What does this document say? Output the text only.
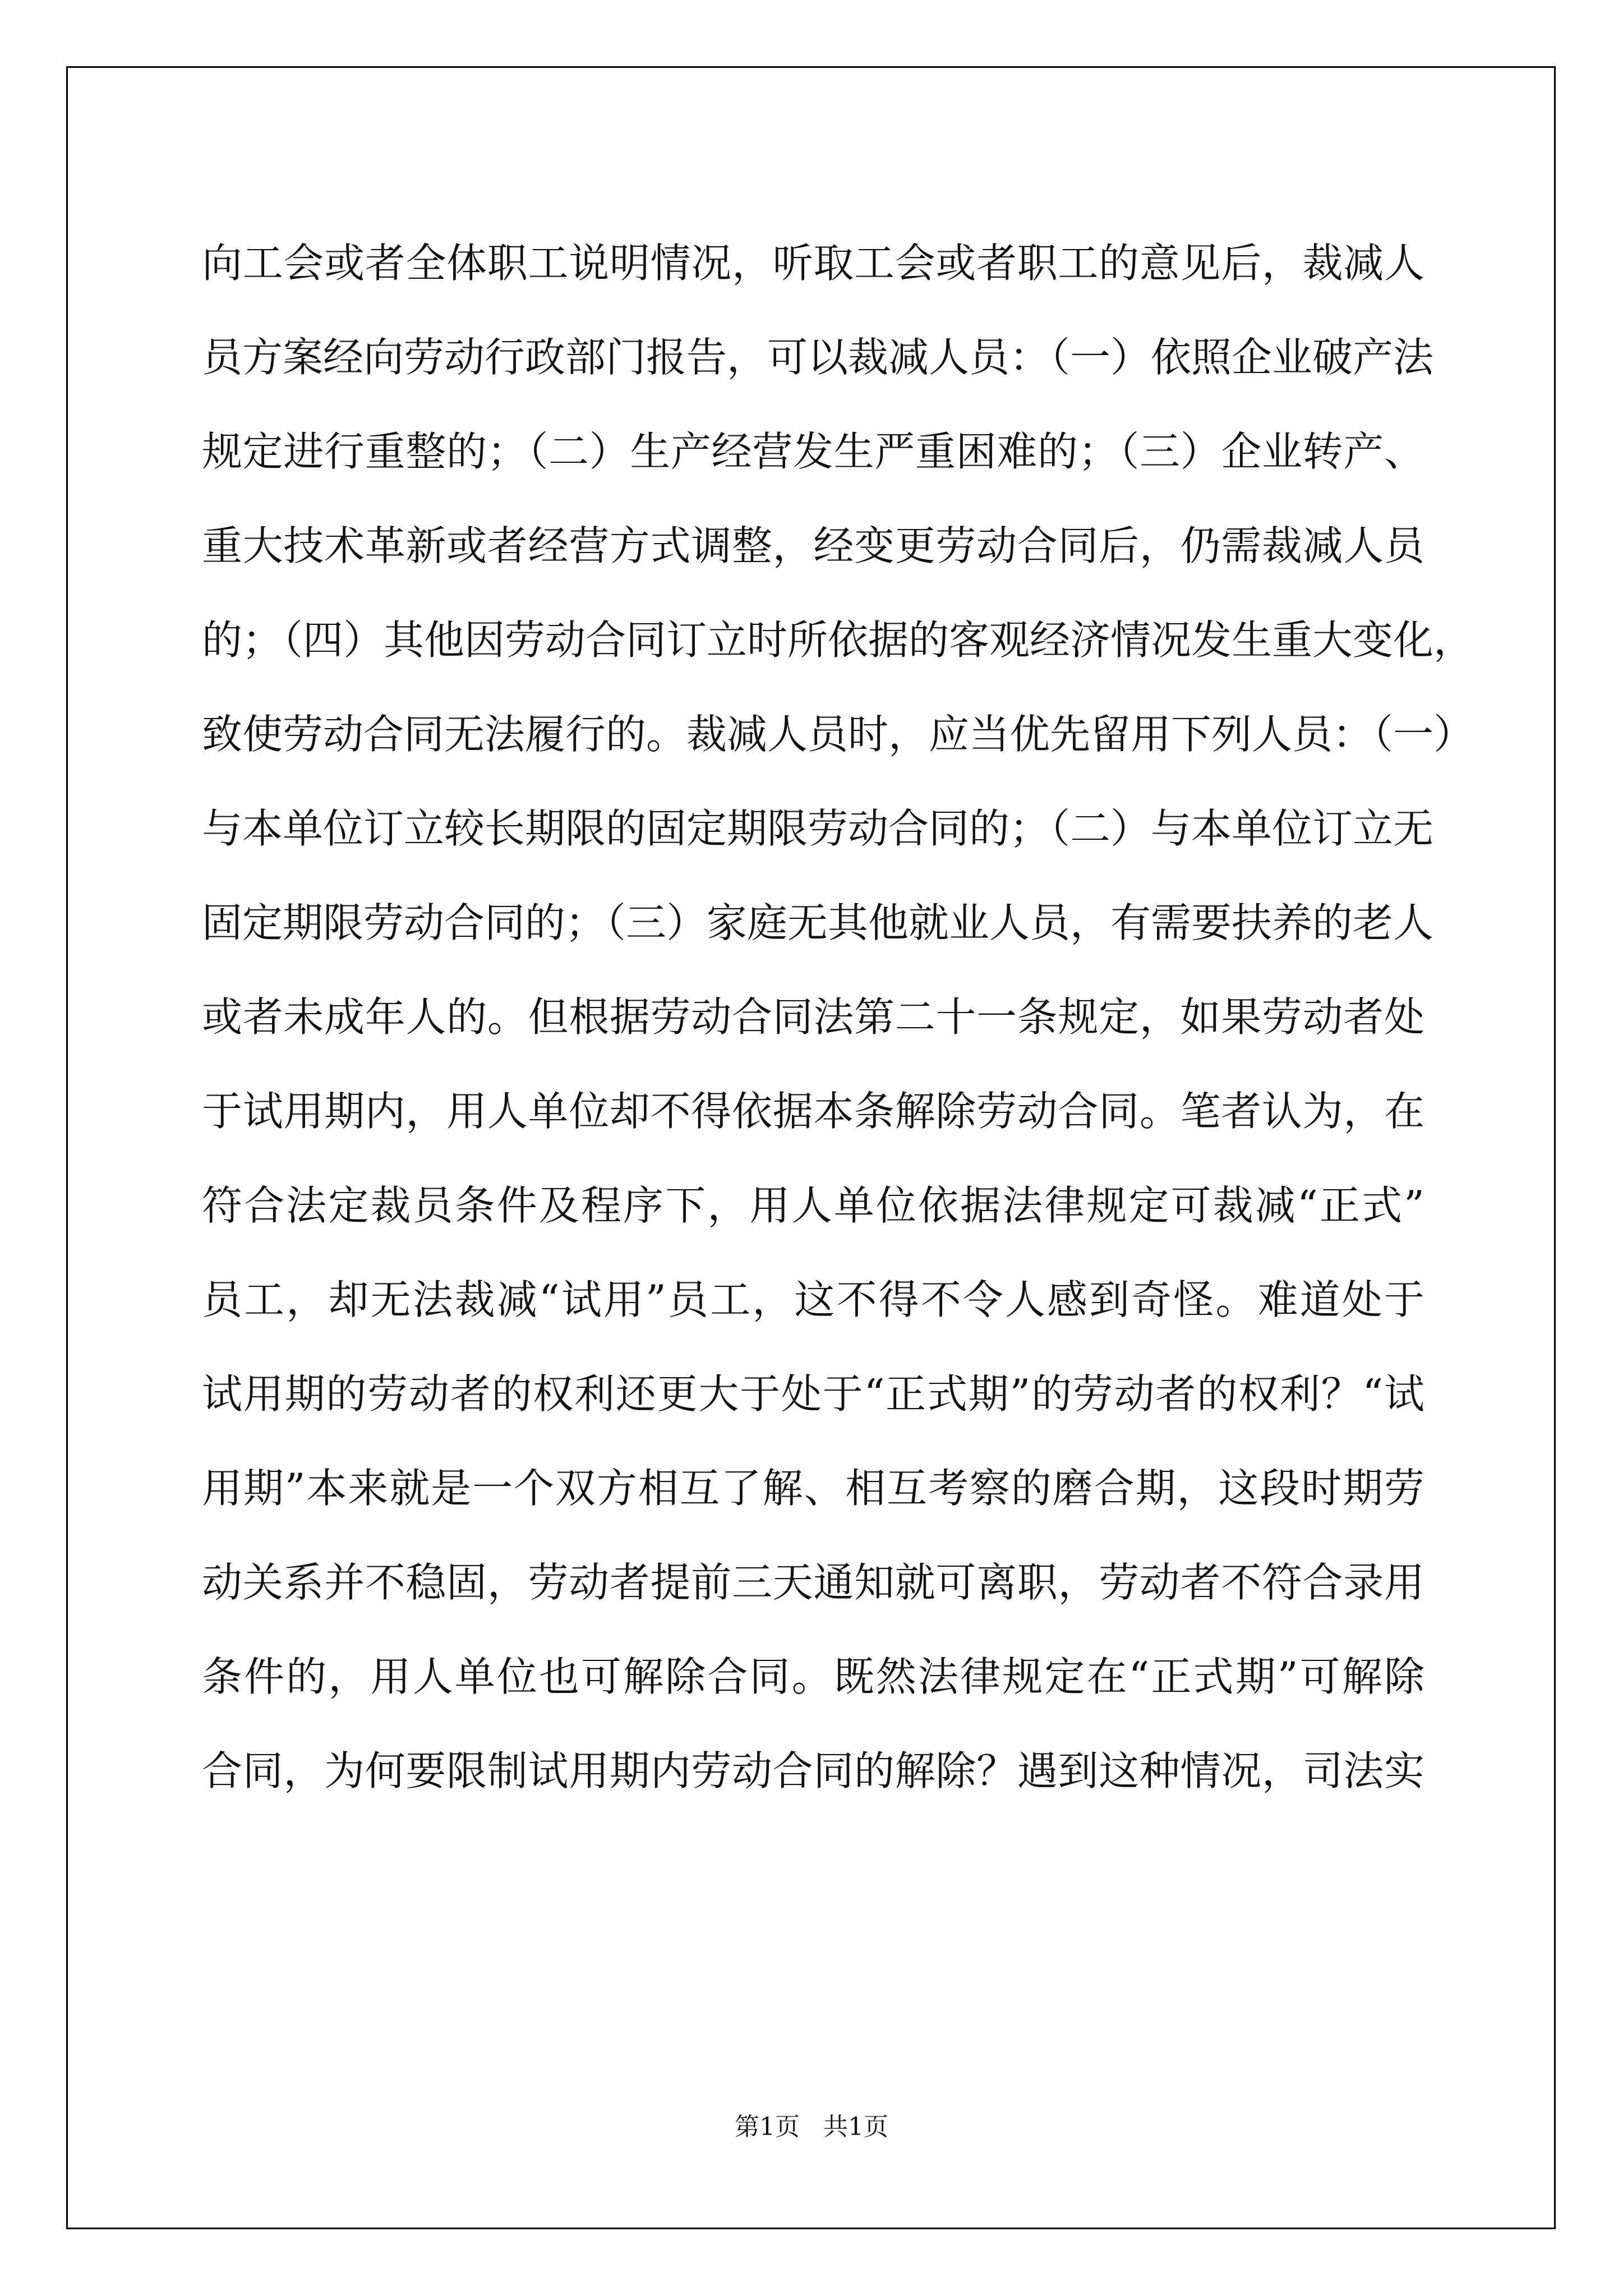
向工会或者全体职工说明情况，听取工会或者职工的意见后，裁减人
员方案经向劳动行政部门报告，可以裁减人员：（一）依照企业破产法
规定进行重整的；（二）生产经营发生严重困难的；（三）企业转产、
重大技术革新或者经营方式调整，经变更劳动合同后，仍需裁减人员
的；（四）其他因劳动合同订立时所依据的客观经济情况发生重大变化，
致使劳动合同无法履行的。裁减人员时，应当优先留用下列人员：（一）
与本单位订立较长期限的固定期限劳动合同的；（二）与本单位订立无
固定期限劳动合同的；（三）家庭无其他就业人员，有需要扶养的老人
或者未成年人的。但根据劳动合同法第二十一条规定，如果劳动者处
于试用期内，用人单位却不得依据本条解除劳动合同。笔者认为，在
符合法定裁员条件及程序下，用人单位依据法律规定可裁减“正式”
员工，却无法裁减“试用”员工，这不得不令人感到奇怪。难道处于
试用期的劳动者的权利还更大于处于“正式期”的劳动者的权利？“试
用期”本来就是一个双方相互了解、相互考察的磨合期，这段时期劳
动关系并不稳固，劳动者提前三天通知就可离职，劳动者不符合录用
条件的，用人单位也可解除合同。既然法律规定在“正式期”可解除
合同，为何要限制试用期内劳动合同的解除？遇到这种情况，司法实
第1页 共1页
